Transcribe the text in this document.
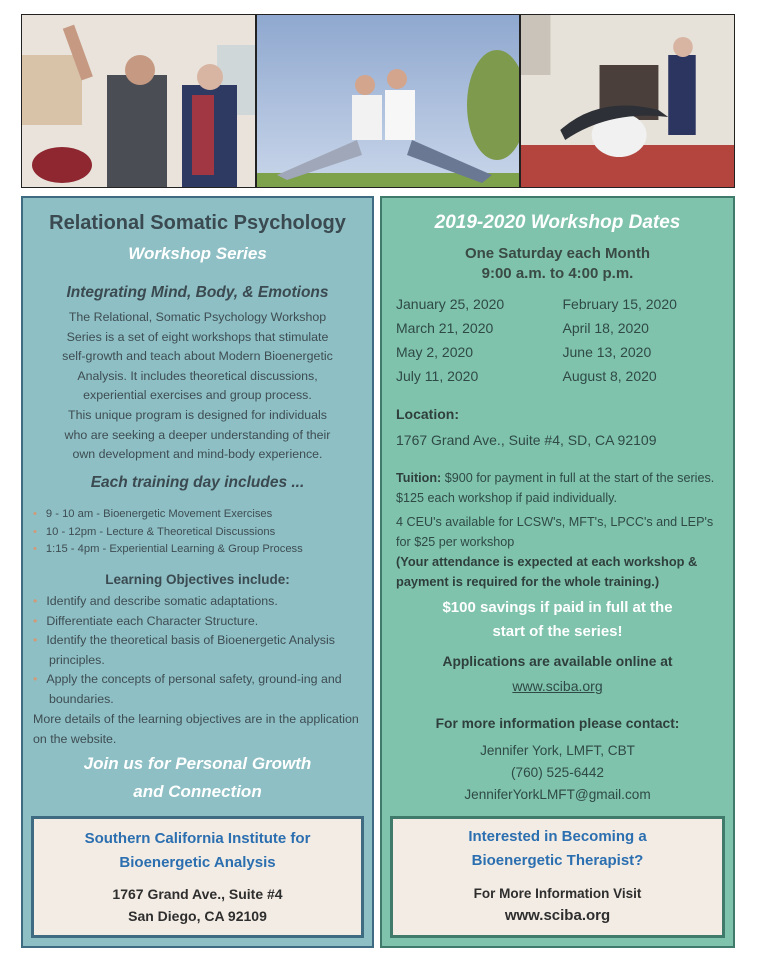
Relational Somatic Psychology
Workshop Series
Integrating Mind, Body, & Emotions
The Relational, Somatic Psychology Workshop
Series is a set of eight workshops that stimulate
self-growth and teach about Modern Bioenergetic
Analysis. It includes theoretical discussions,
experiential exercises and group process.
This unique program is designed for individuals
who are seeking a deeper understanding of their
own development and mind-body experience.
Each training day includes ...
• 9 - 10 am - Bioenergetic Movement Exercises
• 10 - 12pm - Lecture & Theoretical Discussions
• 1:15 - 4pm - Experiential Learning & Group Process
Learning Objectives include:
• Identify and describe somatic adaptations.
• Differentiate each Character Structure.
• Identify the theoretical basis of Bioenergetic Analysis principles.
• Apply the concepts of personal safety, ground-ing and boundaries.
More details of the learning objectives are in the application on the website.
Join us for Personal Growth
and Connection
Southern California Institute for
Bioenergetic Analysis
1767 Grand Ave., Suite #4
San Diego, CA 92109
2019-2020 Workshop Dates
One Saturday each Month
9:00 a.m. to 4:00 p.m.
January 25, 2020	February 15, 2020
March 21, 2020	April 18, 2020
May 2, 2020	June 13, 2020
July 11, 2020	August 8, 2020
Location:
1767 Grand Ave., Suite #4, SD, CA 92109
Tuition: $900 for payment in full at the start of the series. $125 each workshop if paid individually.
4 CEU's available for LCSW's, MFT's, LPCC's and LEP's for $25 per workshop
(Your attendance is expected at each workshop & payment is required for the whole training.)
$100 savings if paid in full at the
start of the series!
Applications are available online at
www.sciba.org
For more information please contact:
Jennifer York, LMFT, CBT
(760) 525-6442
JenniferYorkLMFT@gmail.com
Interested in Becoming a
Bioenergetic Therapist?
For More Information Visit
www.sciba.org
